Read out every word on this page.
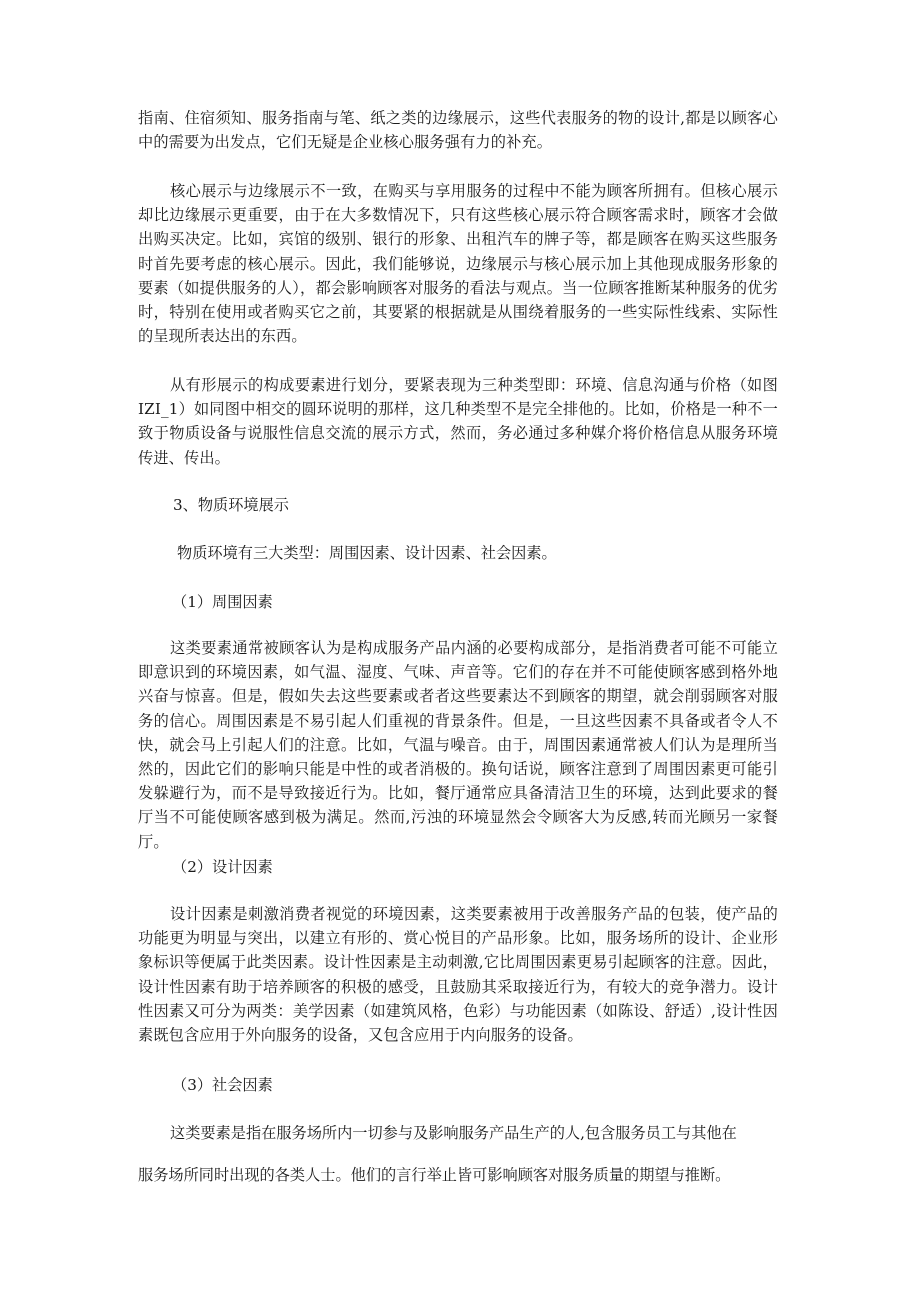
指南、住宿须知、服务指南与笔、纸之类的边缘展示，这些代表服务的物的设计,都是以顾客心中的需要为出发点，它们无疑是企业核心服务强有力的补充。

核心展示与边缘展示不一致，在购买与享用服务的过程中不能为顾客所拥有。但核心展示却比边缘展示更重要，由于在大多数情况下，只有这些核心展示符合顾客需求时，顾客才会做出购买决定。比如，宾馆的级别、银行的形象、出租汽车的牌子等，都是顾客在购买这些服务时首先要考虑的核心展示。因此，我们能够说，边缘展示与核心展示加上其他现成服务形象的要素（如提供服务的人），都会影响顾客对服务的看法与观点。当一位顾客推断某种服务的优劣时，特别在使用或者购买它之前，其要紧的根据就是从围绕着服务的一些实际性线索、实际性的呈现所表达出的东西。

从有形展示的构成要素进行划分，要紧表现为三种类型即：环境、信息沟通与价格（如图IZI_1）如同图中相交的圆环说明的那样，这几种类型不是完全排他的。比如，价格是一种不一致于物质设备与说服性信息交流的展示方式，然而，务必通过多种媒介将价格信息从服务环境传进、传出。

3、物质环境展示

物质环境有三大类型：周围因素、设计因素、社会因素。

（1）周围因素

这类要素通常被顾客认为是构成服务产品内涵的必要构成部分，是指消费者可能不可能立即意识到的环境因素，如气温、湿度、气味、声音等。它们的存在并不可能使顾客感到格外地兴奋与惊喜。但是，假如失去这些要素或者者这些要素达不到顾客的期望，就会削弱顾客对服务的信心。周围因素是不易引起人们重视的背景条件。但是，一旦这些因素不具备或者令人不快，就会马上引起人们的注意。比如，气温与噪音。由于，周围因素通常被人们认为是理所当然的，因此它们的影响只能是中性的或者消极的。换句话说，顾客注意到了周围因素更可能引发躲避行为，而不是导致接近行为。比如，餐厅通常应具备清洁卫生的环境，达到此要求的餐厅当不可能使顾客感到极为满足。然而,污浊的环境显然会令顾客大为反感,转而光顾另一家餐厅。

（2）设计因素

设计因素是刺激消费者视觉的环境因素，这类要素被用于改善服务产品的包装，使产品的功能更为明显与突出，以建立有形的、赏心悦目的产品形象。比如，服务场所的设计、企业形象标识等便属于此类因素。设计性因素是主动刺激,它比周围因素更易引起顾客的注意。因此，设计性因素有助于培养顾客的积极的感受，且鼓励其采取接近行为，有较大的竞争潜力。设计性因素又可分为两类：美学因素（如建筑风格，色彩）与功能因素（如陈设、舒适）,设计性因素既包含应用于外向服务的设备，又包含应用于内向服务的设备。

（3）社会因素

这类要素是指在服务场所内一切参与及影响服务产品生产的人,包含服务员工与其他在

服务场所同时出现的各类人士。他们的言行举止皆可影响顾客对服务质量的期望与推断。
